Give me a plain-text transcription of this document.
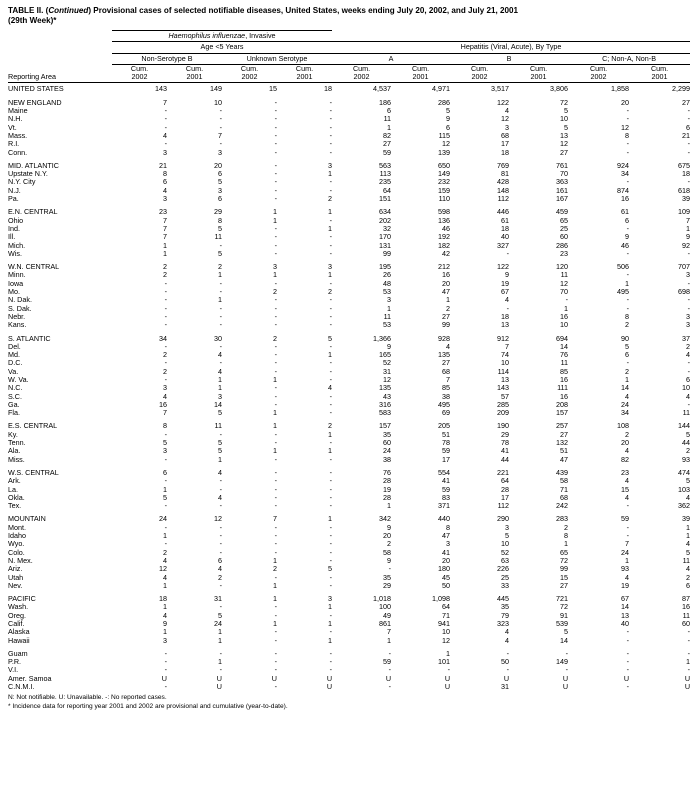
TABLE II. (Continued) Provisional cases of selected notifiable diseases, United States, weeks ending July 20, 2002, and July 21, 2001
(29th Week)*
	Haemophilus influenzae, Invasive									
	Age <5 Years				Hepatitis (Viral, Acute), By Type					
	Non-Serotype B		Unknown Serotype		A		B		C; Non-A, Non-B	
	Cum.	Cum.	Cum.	Cum.	Cum.	Cum.	Cum.	Cum.	Cum.	Cum.
Reporting Area	2002	2001	2002	2001	2002	2001	2002	2001	2002	2001
UNITED STATES	143	149	15	18	4,537	4,971	3,517	3,806	1,858	2,299

NEW ENGLAND	7	10	-	-	186	286	122	72	20	27
Maine	-	-	-	-	6	5	4	5	-	-
N.H.	-	-	-	-	11	9	12	10	-	-
Vt.	-	-	-	-	1	6	3	5	12	6
Mass.	4	7	-	-	82	115	68	13	8	21
R.I.	-	-	-	-	27	12	17	12	-	-
Conn.	3	3	-	-	59	139	18	27	-	-

MID. ATLANTIC	21	20	-	3	563	650	769	761	924	675
Upstate N.Y.	8	6	-	1	113	149	81	70	34	18
N.Y. City	6	5	-	-	235	232	428	363	-	-
N.J.	4	3	-	-	64	159	148	161	874	618
Pa.	3	6	-	2	151	110	112	167	16	39

E.N. CENTRAL	23	29	1	1	634	598	446	459	61	109
Ohio	7	8	1	-	202	136	61	65	6	7
Ind.	7	5	-	1	32	46	18	25	-	1
Ill.	7	11	-	-	170	192	40	60	9	9
Mich.	1	-	-	-	131	182	327	286	46	92
Wis.	1	5	-	-	99	42	-	23	-	-

W.N. CENTRAL	2	2	3	3	195	212	122	120	506	707
Minn.	2	1	1	1	26	16	9	11	-	3
Iowa	-	-	-	-	48	20	19	12	1	-
Mo.	-	-	2	2	53	47	67	70	495	698
N. Dak.	-	1	-	-	3	1	4	-	-	-
S. Dak.	-	-	-	-	1	2	-	1	-	-
Nebr.	-	-	-	-	11	27	18	16	8	3
Kans.	-	-	-	-	53	99	13	10	2	3

S. ATLANTIC	34	30	2	5	1,366	928	912	694	90	37
Del.	-	-	-	-	9	4	7	14	5	2
Md.	2	4	-	1	165	135	74	76	6	4
D.C.	-	-	-	-	52	27	10	11	-	-
Va.	2	4	-	-	31	68	114	85	2	-
W. Va.	-	1	1	-	12	7	13	16	1	6
N.C.	3	1	-	4	135	85	143	111	14	10
S.C.	4	3	-	-	43	38	57	16	4	4
Ga.	16	14	-	-	316	495	285	208	24	-
Fla.	7	5	1	-	583	69	209	157	34	11

E.S. CENTRAL	8	11	1	2	157	205	190	257	108	144
Ky.	-	-	-	1	35	51	29	27	2	5
Tenn.	5	5	-	-	60	78	78	132	20	44
Ala.	3	5	1	1	24	59	41	51	4	2
Miss.	-	1	-	-	38	17	44	47	82	93

W.S. CENTRAL	6	4	-	-	76	554	221	439	23	474
Ark.	-	-	-	-	28	41	64	58	4	5
La.	1	-	-	-	19	59	28	71	15	103
Okla.	5	4	-	-	28	83	17	68	4	4
Tex.	-	-	-	-	1	371	112	242	-	362

MOUNTAIN	24	12	7	1	342	440	290	283	59	39
Mont.	-	-	-	-	9	8	3	2	-	1
Idaho	1	-	-	-	20	47	5	8	-	1
Wyo.	-	-	-	-	2	3	10	1	7	4
Colo.	2	-	-	-	58	41	52	65	24	5
N. Mex.	4	6	1	-	9	20	63	72	1	11
Ariz.	12	4	2	5	-	180	226	99	93	4
Utah	4	2	-	-	35	45	25	15	4	2
Nev.	1	-	1	-	29	50	33	27	19	6

PACIFIC	18	31	1	3	1,018	1,098	445	721	67	87
Wash.	1	-	-	1	100	64	35	72	14	16
Oreg.	4	5	-	-	49	71	79	91	13	11
Calif.	9	24	1	1	861	941	323	539	40	60
Alaska	1	1	-	-	7	10	4	5	-	-
Hawaii	3	1	-	1	1	12	4	14	-	-

Guam	-	-	-	-	-	1	-	-	-	-
P.R.	-	1	-	-	59	101	50	149	-	1
V.I.	-	-	-	-	-	-	-	-	-	-
Amer. Samoa	U	U	U	U	U	U	U	U	U	U
C.N.M.I.	-	U	-	U	-	U	31	U	-	U
N: Not notifiable. U: Unavailable. -: No reported cases.
* Incidence data for reporting year 2001 and 2002 are provisional and cumulative (year-to-date).
